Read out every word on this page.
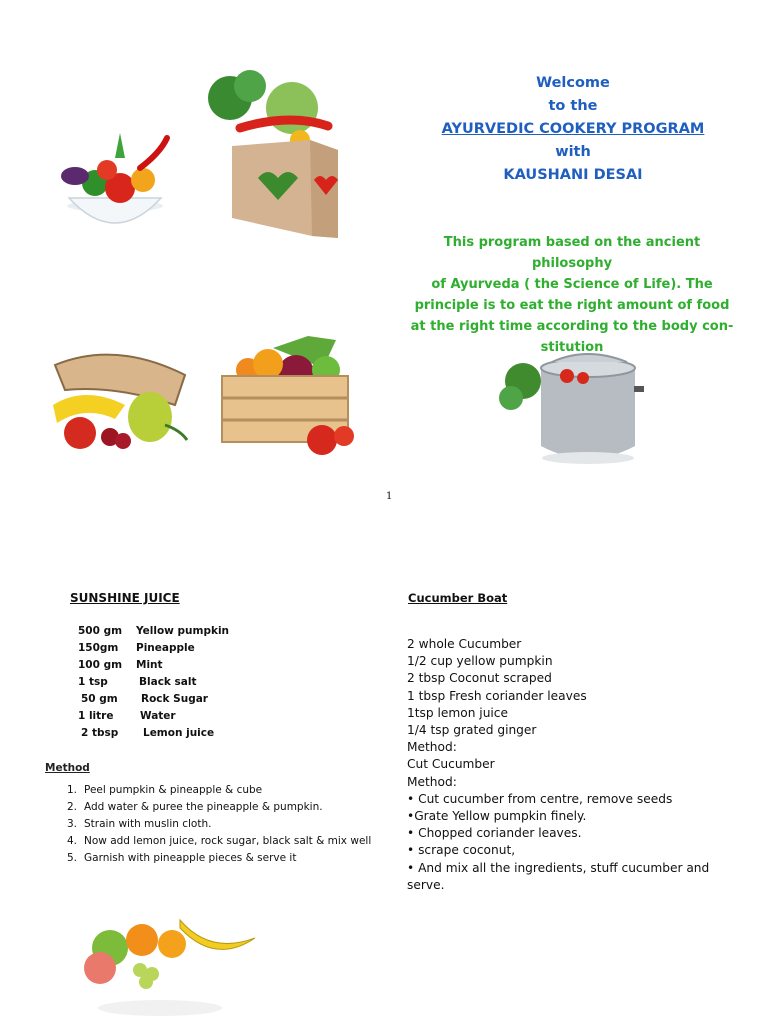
Welcome
to the
AYURVEDIC COOKERY PROGRAM
with
KAUSHANI DESAI
This program based on the ancient philosophy
of Ayurveda ( the Science of Life). The
principle is to eat the right amount of food
at the right time according to the body con-
stitution
1
SUNSHINE JUICE
500 gm Yellow pumpkin
150gm Pineapple
100 gm Mint
1 tsp	Black salt
50 gm Rock Sugar
1 litre	Water
2 tbsp Lemon juice
Method
1. Peel pumpkin & pineapple & cube
2. Add water & puree the pineapple & pumpkin.
3. Strain with muslin cloth.
4. Now add lemon juice, rock sugar, black salt & mix well
5. Garnish with pineapple pieces & serve it
Cucumber Boat
2 whole Cucumber
1/2 cup yellow pumpkin
2 tbsp Coconut scraped
1 tbsp Fresh coriander leaves
1tsp lemon juice
1/4 tsp grated ginger
Method:
Cut Cucumber
Method:
• Cut cucumber from centre, remove seeds
•Grate Yellow pumpkin finely.
• Chopped coriander leaves.
• scrape coconut,
• And mix all the ingredients, stuff cucumber and
serve.
